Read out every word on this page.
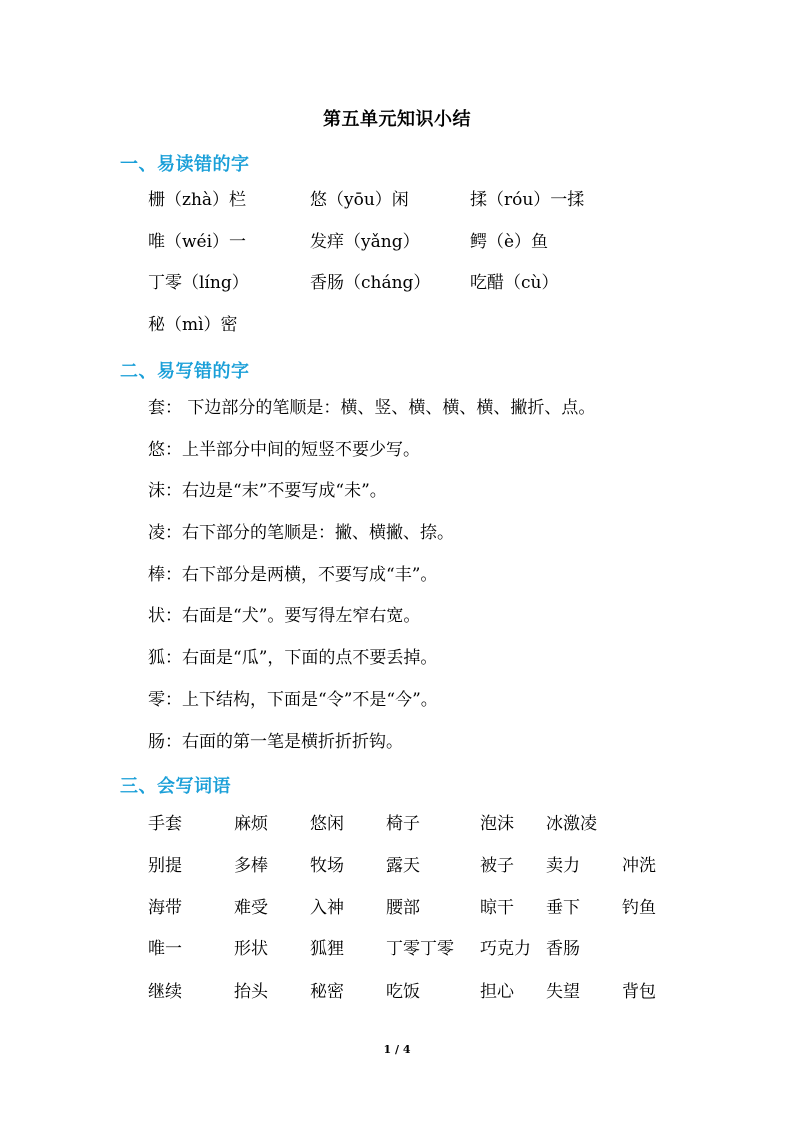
第五单元知识小结
一、易读错的字
栅（zhà）栏	悠（yōu）闲	揉（róu）一揉
唯（wéi）一	发痒（yǎng）	鳄（è）鱼
丁零（líng）	香肠（cháng） 吃醋（cù）
秘（mì）密
二、易写错的字
套： 下边部分的笔顺是：横、竖、横、横、横、撇折、点。
悠：上半部分中间的短竖不要少写。
沫：右边是“末”不要写成“未”。
凌：右下部分的笔顺是：撇、横撇、捺。
棒：右下部分是两横，不要写成“丰”。
状：右面是“犬”。要写得左窄右宽。
狐：右面是“瓜”，下面的点不要丢掉。
零：上下结构，下面是“令”不是“今”。
肠：右面的第一笔是横折折折钩。
三、会写词语
手套	麻烦 悠闲 椅子	泡沫 冰激凌
别提	多棒 牧场 露天	被子 卖力 冲洗
海带	难受 入神 腰部	晾干 垂下 钓鱼
唯一	形状 狐狸 丁零丁零 巧克力 香肠
继续	抬头 秘密 吃饭	担心 失望 背包
1 / 4
